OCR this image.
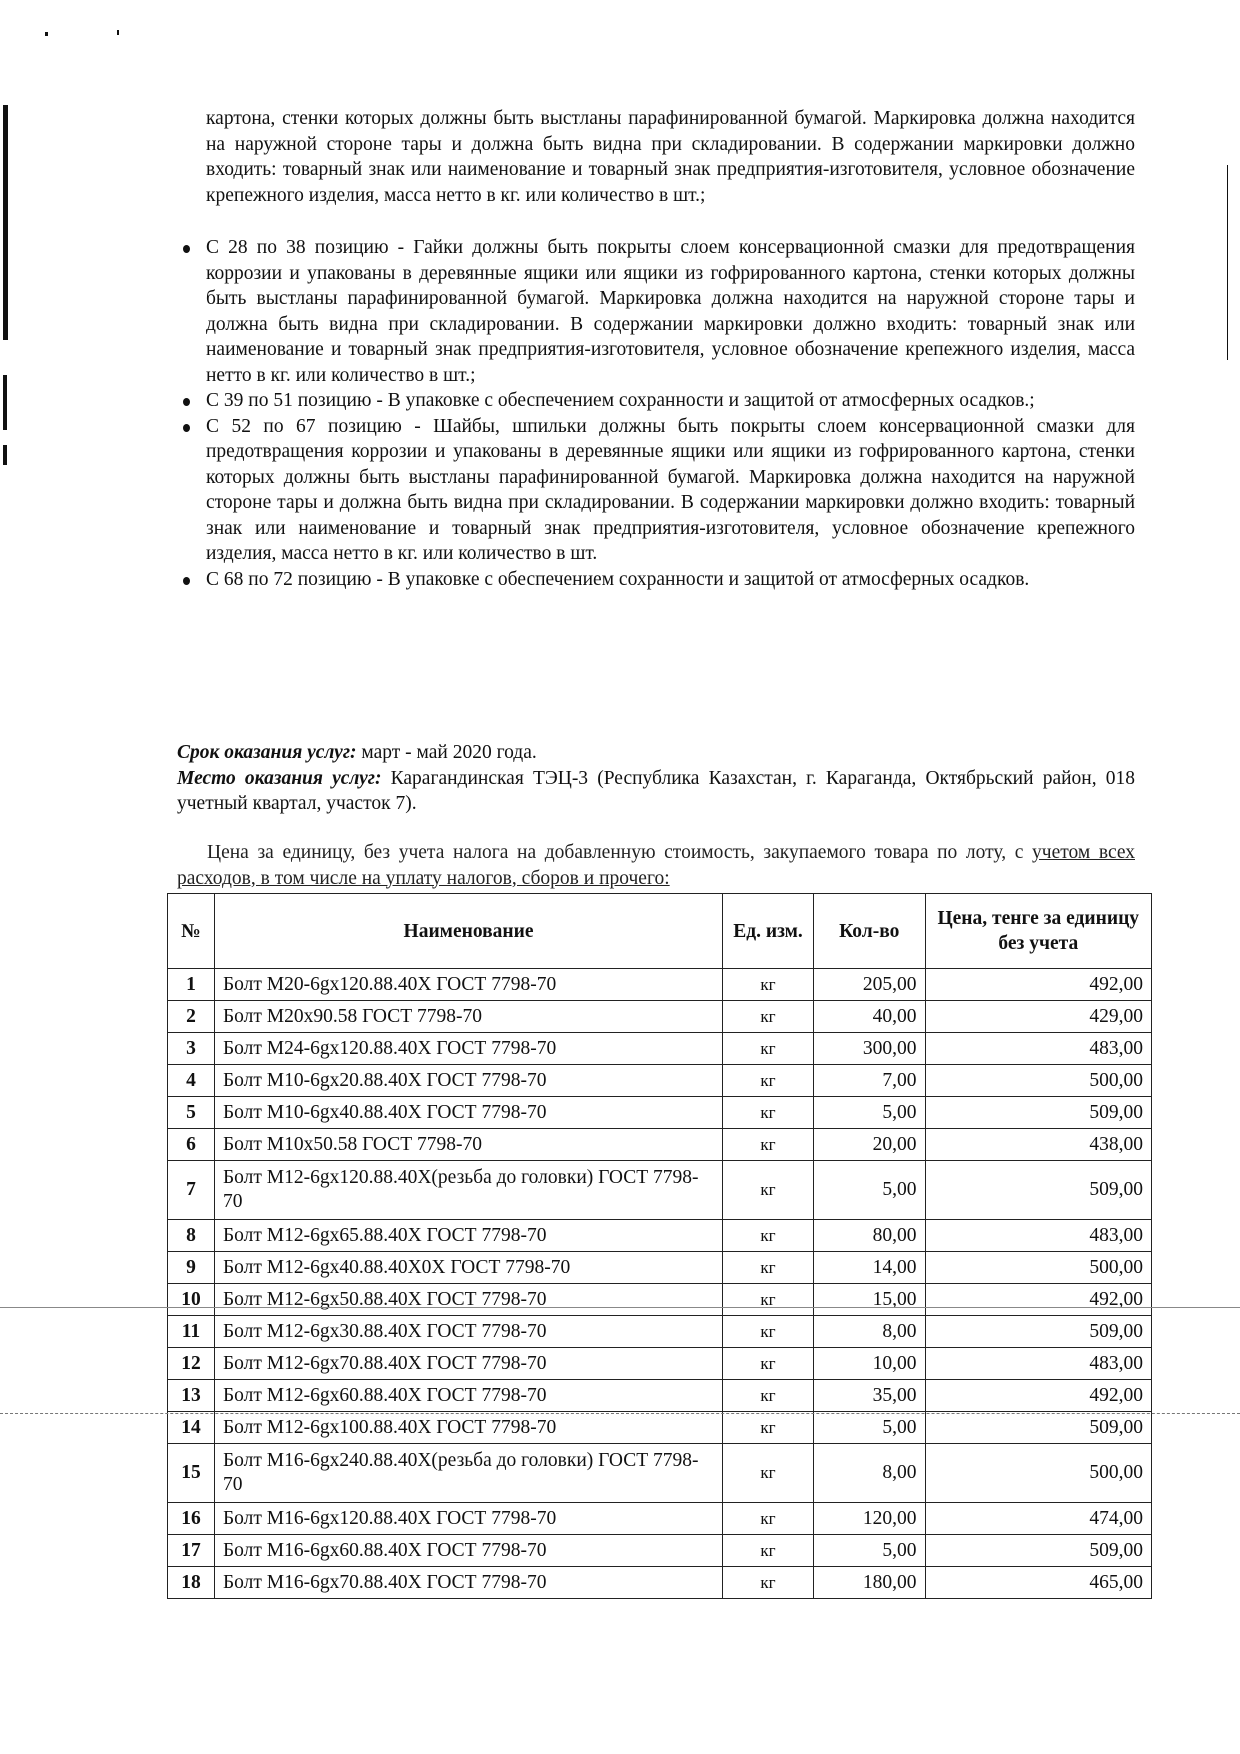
картона, стенки которых должны быть выстланы парафинированной бумагой. Маркировка должна находится на наружной стороне тары и должна быть видна при складировании. В содержании маркировки должно входить: товарный знак или наименование и товарный знак предприятия-изготовителя, условное обозначение крепежного изделия, масса нетто в кг. или количество в шт.;
С 28 по 38 позицию - Гайки должны быть покрыты слоем консервационной смазки для предотвращения коррозии и упакованы в деревянные ящики или ящики из гофрированного картона, стенки которых должны быть выстланы парафинированной бумагой. Маркировка должна находится на наружной стороне тары и должна быть видна при складировании. В содержании маркировки должно входить: товарный знак или наименование и товарный знак предприятия-изготовителя, условное обозначение крепежного изделия, масса нетто в кг. или количество в шт.;
С 39 по 51 позицию - В упаковке с обеспечением сохранности и защитой от атмосферных осадков.;
С 52 по 67 позицию - Шайбы, шпильки должны быть покрыты слоем консервационной смазки для предотвращения коррозии и упакованы в деревянные ящики или ящики из гофрированного картона, стенки которых должны быть выстланы парафинированной бумагой. Маркировка должна находится на наружной стороне тары и должна быть видна при складировании. В содержании маркировки должно входить: товарный знак или наименование и товарный знак предприятия-изготовителя, условное обозначение крепежного изделия, масса нетто в кг. или количество в шт.
С 68 по 72 позицию - В упаковке с обеспечением сохранности и защитой от атмосферных осадков.

Срок оказания услуг: март - май 2020 года.

Место оказания услуг: Карагандинская ТЭЦ-3 (Республика Казахстан, г. Караганда, Октябрьский район, 018 учетный квартал, участок 7).

Цена за единицу, без учета налога на добавленную стоимость, закупаемого товара по лоту, с учетом всех расходов, в том числе на уплату налогов, сборов и прочего:
№	Наименование	Ед. изм.	Кол-во	Цена, тенге за единицу без учета
1	Болт М20-6gx120.88.40Х ГОСТ 7798-70	кг	205,00	492,00
2	Болт М20х90.58 ГОСТ 7798-70	кг	40,00	429,00
3	Болт М24-6gx120.88.40Х ГОСТ 7798-70	кг	300,00	483,00
4	Болт М10-6gx20.88.40Х ГОСТ 7798-70	кг	7,00	500,00
5	Болт М10-6gx40.88.40Х ГОСТ 7798-70	кг	5,00	509,00
6	Болт М10х50.58 ГОСТ 7798-70	кг	20,00	438,00
7	Болт М12-6gx120.88.40Х(резьба до головки) ГОСТ 7798-70	кг	5,00	509,00
8	Болт М12-6gx65.88.40Х ГОСТ 7798-70	кг	80,00	483,00
9	Болт М12-6gx40.88.40Х0Х ГОСТ 7798-70	кг	14,00	500,00
10	Болт М12-6gx50.88.40Х ГОСТ 7798-70	кг	15,00	492,00
11	Болт М12-6gx30.88.40Х ГОСТ 7798-70	кг	8,00	509,00
12	Болт М12-6gx70.88.40Х ГОСТ 7798-70	кг	10,00	483,00
13	Болт М12-6gx60.88.40Х ГОСТ 7798-70	кг	35,00	492,00
14	Болт М12-6gx100.88.40Х ГОСТ 7798-70	кг	5,00	509,00
15	Болт М16-6gx240.88.40Х(резьба до головки) ГОСТ 7798-70	кг	8,00	500,00
16	Болт М16-6gx120.88.40Х ГОСТ 7798-70	кг	120,00	474,00
17	Болт М16-6gx60.88.40Х ГОСТ 7798-70	кг	5,00	509,00
18	Болт М16-6gx70.88.40Х ГОСТ 7798-70	кг	180,00	465,00
